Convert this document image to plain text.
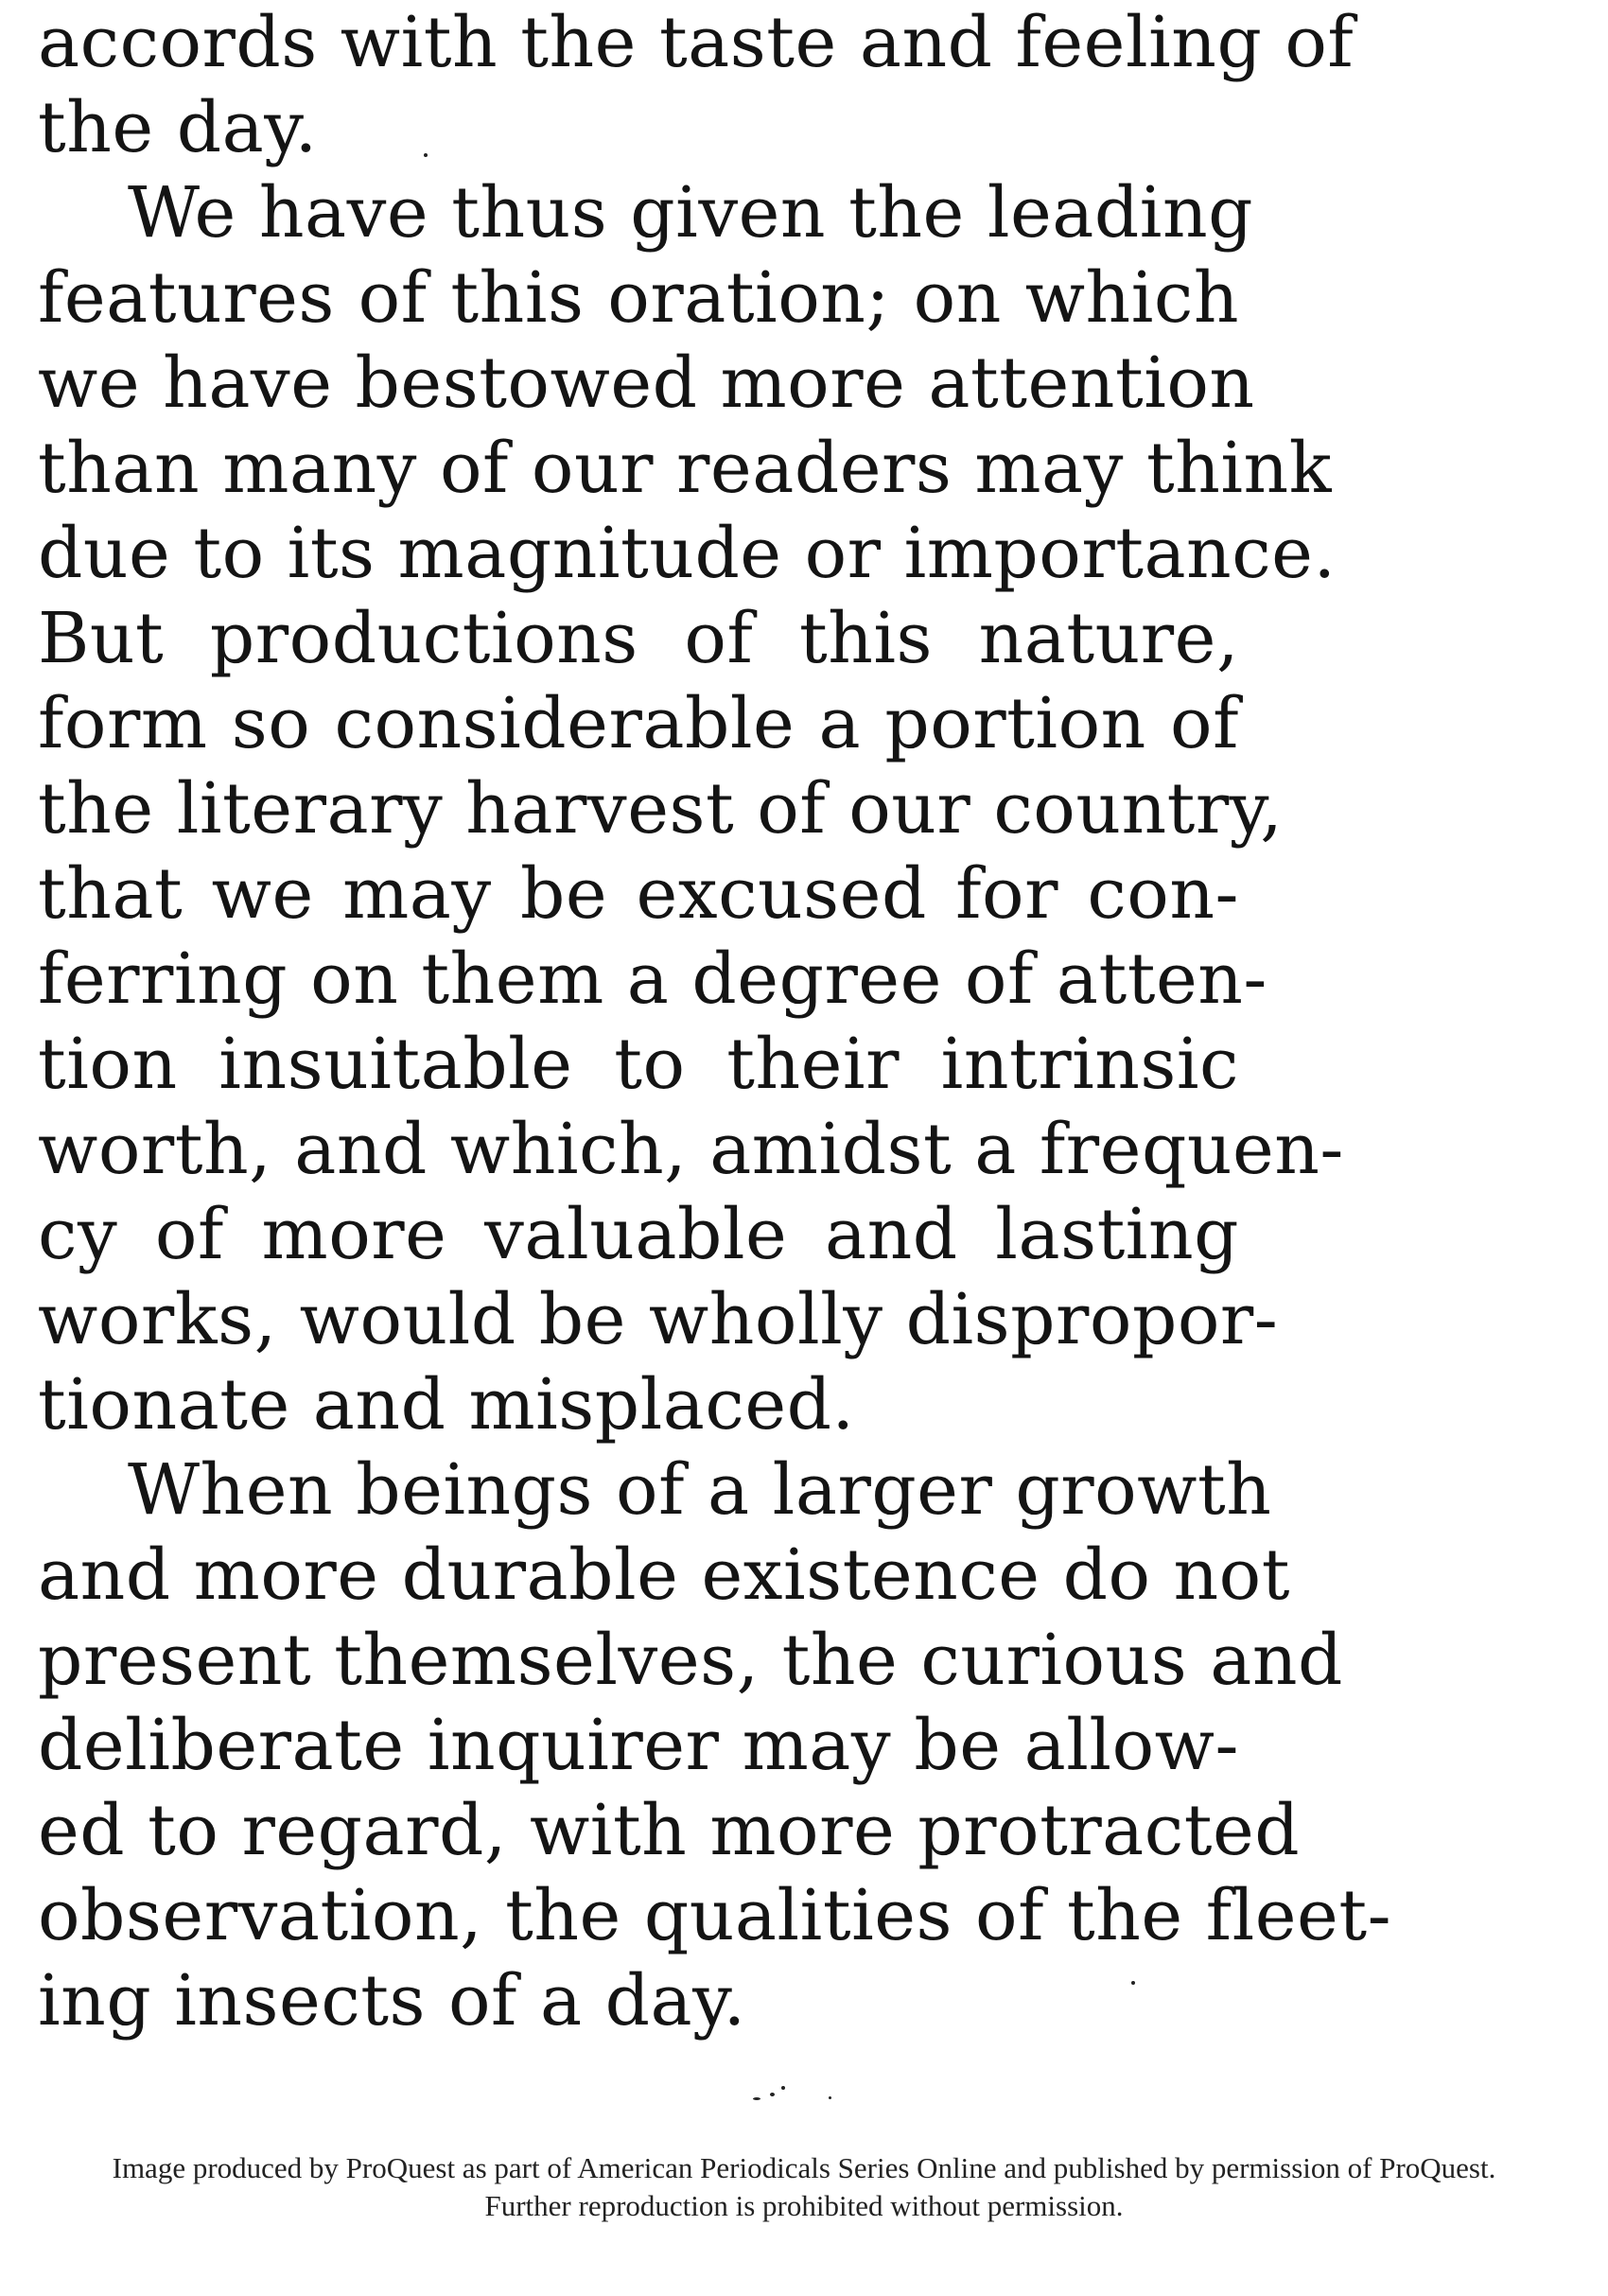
accords with the taste and feeling of
the day.
We have thus given the leading
features of this oration; on which
we have bestowed more attention
than many of our readers may think
due to its magnitude or importance.
But productions of this nature,
form so considerable a portion of
the literary harvest of our country,
that we may be excused for con-
ferring on them a degree of atten-
tion insuitable to their intrinsic
worth, and which, amidst a frequen-
cy of more valuable and lasting
works, would be wholly dispropor-
tionate and misplaced.
When beings of a larger growth
and more durable existence do not
present themselves, the curious and
deliberate inquirer may be allow-
ed to regard, with more protracted
observation, the qualities of the fleet-
ing insects of a day.
Image produced by ProQuest as part of American Periodicals Series Online and published by permission of ProQuest.
Further reproduction is prohibited without permission.
